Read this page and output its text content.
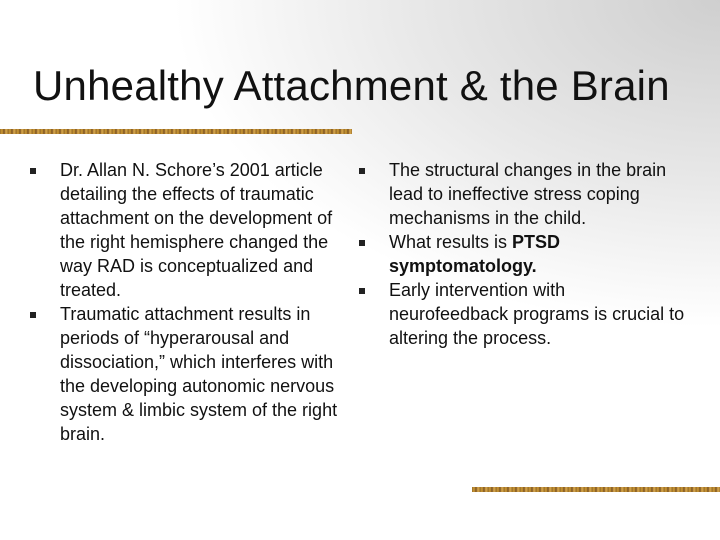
Unhealthy Attachment & the Brain
Dr. Allan N. Schore’s 2001 article detailing the effects of traumatic attachment on the development of the right hemisphere changed the way RAD is conceptualized and treated.
Traumatic attachment results in periods of “hyperarousal and dissociation,” which interferes with the developing autonomic nervous system & limbic system of the right brain.
The structural changes in the brain lead to ineffective stress coping mechanisms in the child.
What results is PTSD symptomatology.
Early intervention with neurofeedback programs is crucial to altering the process.
